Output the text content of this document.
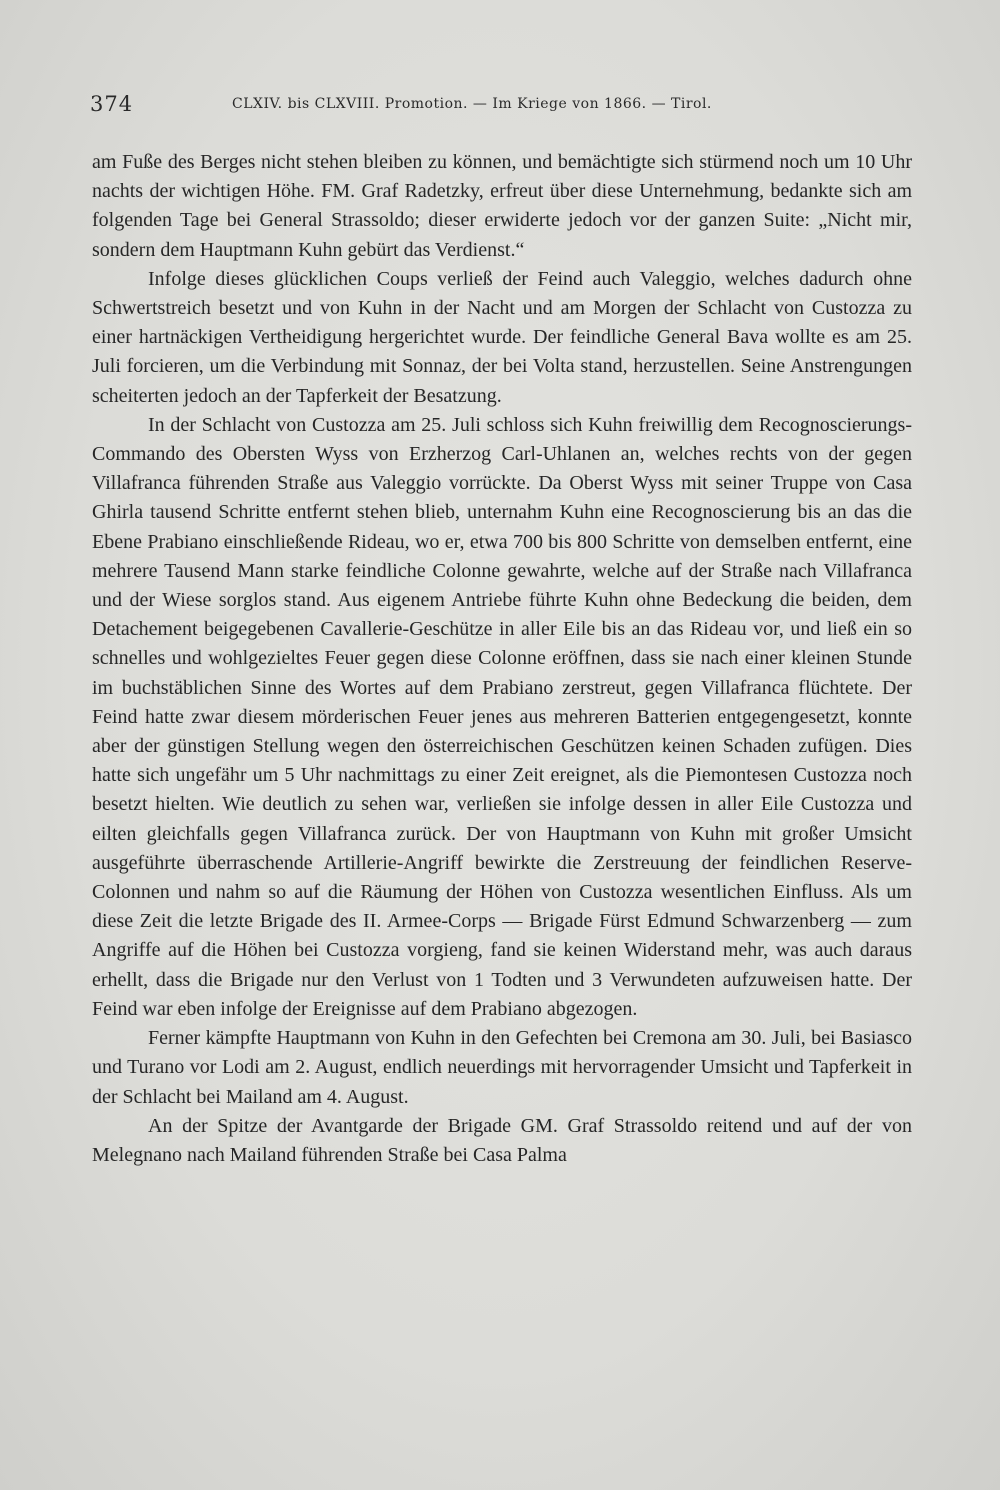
374	CLXIV. bis CLXVIII. Promotion. — Im Kriege von 1866. — Tirol.

am Fuße des Berges nicht stehen bleiben zu können, und bemächtigte sich stürmend noch um 10 Uhr nachts der wichtigen Höhe. FM. Graf Radetzky, erfreut über diese Unternehmung, bedankte sich am folgenden Tage bei General Strassoldo; dieser erwiderte jedoch vor der ganzen Suite: „Nicht mir, sondern dem Hauptmann Kuhn gebürt das Verdienst.“

Infolge dieses glücklichen Coups verließ der Feind auch Valeggio, welches dadurch ohne Schwertstreich besetzt und von Kuhn in der Nacht und am Morgen der Schlacht von Custozza zu einer hartnäckigen Vertheidigung hergerichtet wurde. Der feindliche General Bava wollte es am 25. Juli forcieren, um die Verbindung mit Sonnaz, der bei Volta stand, herzustellen. Seine Anstrengungen scheiterten jedoch an der Tapferkeit der Besatzung.

In der Schlacht von Custozza am 25. Juli schloss sich Kuhn freiwillig dem Recognoscierungs-Commando des Obersten Wyss von Erzherzog Carl-Uhlanen an, welches rechts von der gegen Villafranca führenden Straße aus Valeggio vorrückte. Da Oberst Wyss mit seiner Truppe von Casa Ghirla tausend Schritte entfernt stehen blieb, unternahm Kuhn eine Recognoscierung bis an das die Ebene Prabiano einschließende Rideau, wo er, etwa 700 bis 800 Schritte von demselben entfernt, eine mehrere Tausend Mann starke feindliche Colonne gewahrte, welche auf der Straße nach Villafranca und der Wiese sorglos stand. Aus eigenem Antriebe führte Kuhn ohne Bedeckung die beiden, dem Detachement beigegebenen Cavallerie-Geschütze in aller Eile bis an das Rideau vor, und ließ ein so schnelles und wohlgezieltes Feuer gegen diese Colonne eröffnen, dass sie nach einer kleinen Stunde im buchstäblichen Sinne des Wortes auf dem Prabiano zerstreut, gegen Villafranca flüchtete. Der Feind hatte zwar diesem mörderischen Feuer jenes aus mehreren Batterien entgegengesetzt, konnte aber der günstigen Stellung wegen den österreichischen Geschützen keinen Schaden zufügen. Dies hatte sich ungefähr um 5 Uhr nachmittags zu einer Zeit ereignet, als die Piemontesen Custozza noch besetzt hielten. Wie deutlich zu sehen war, verließen sie infolge dessen in aller Eile Custozza und eilten gleichfalls gegen Villafranca zurück. Der von Hauptmann von Kuhn mit großer Umsicht ausgeführte überraschende Artillerie-Angriff bewirkte die Zerstreuung der feindlichen Reserve-Colonnen und nahm so auf die Räumung der Höhen von Custozza wesentlichen Einfluss. Als um diese Zeit die letzte Brigade des II. Armee-Corps — Brigade Fürst Edmund Schwarzenberg — zum Angriffe auf die Höhen bei Custozza vorgieng, fand sie keinen Widerstand mehr, was auch daraus erhellt, dass die Brigade nur den Verlust von 1 Todten und 3 Verwundeten aufzuweisen hatte. Der Feind war eben infolge der Ereignisse auf dem Prabiano abgezogen.

Ferner kämpfte Hauptmann von Kuhn in den Gefechten bei Cremona am 30. Juli, bei Basiasco und Turano vor Lodi am 2. August, endlich neuerdings mit hervorragender Umsicht und Tapferkeit in der Schlacht bei Mailand am 4. August.

An der Spitze der Avantgarde der Brigade GM. Graf Strassoldo reitend und auf der von Melegnano nach Mailand führenden Straße bei Casa Palma
